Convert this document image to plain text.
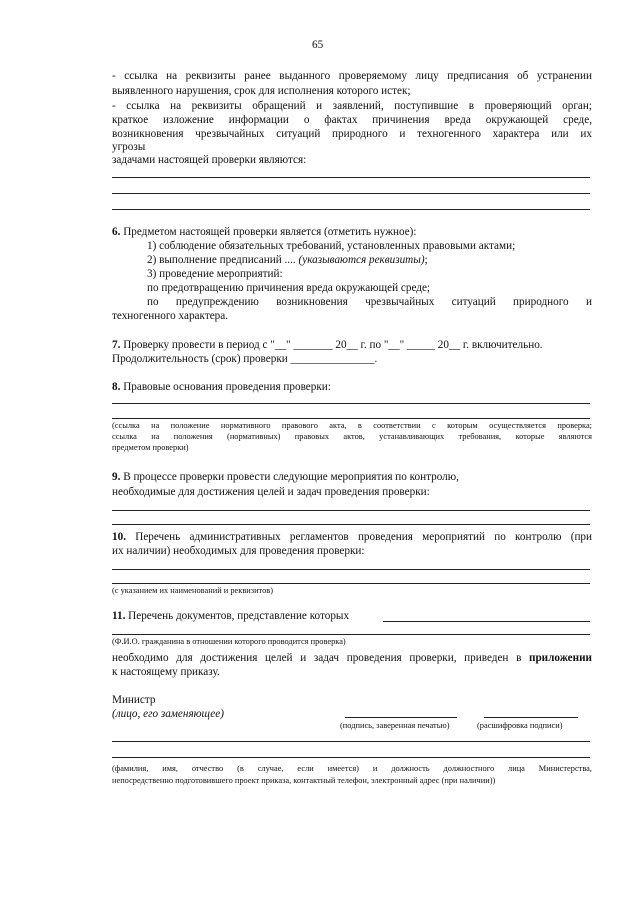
65
- ссылка на реквизиты ранее выданного проверяемому лицу предписания об устранении
выявленного нарушения, срок для исполнения которого истек;
- ссылка на реквизиты обращений и заявлений, поступившие в проверяющий орган;
краткое изложение информации о фактах причинения вреда окружающей среде,
возникновения чрезвычайных ситуаций природного и техногенного характера или их
угрозы
задачами настоящей проверки являются:
6. Предметом настоящей проверки является (отметить нужное):
1) соблюдение обязательных требований, установленных правовыми актами;
2) выполнение предписаний .... (указываются реквизиты);
3) проведение мероприятий:
по предотвращению причинения вреда окружающей среде;
по предупреждению возникновения чрезвычайных ситуаций природного и
техногенного характера.
7. Проверку провести в период с "__" _______ 20__ г. по "__" _____ 20__ г. включительно.
Продолжительность (срок) проверки _______________.
8. Правовые основания проведения проверки:
(ссылка на положение нормативного правового акта, в соответствии с которым осуществляется проверка;
ссылка на положения (нормативных) правовых актов, устанавливающих требования, которые являются
предметом проверки)
9. В процессе проверки провести следующие мероприятия по контролю,
необходимые для достижения целей и задач проведения проверки:
10. Перечень административных регламентов проведения мероприятий по контролю (при
их наличии) необходимых для проведения проверки:
(с указанием их наименований и реквизитов)
11. Перечень документов, представление которых
(Ф.И.О. гражданина в отношении которого проводится проверка)
необходимо для достижения целей и задач проведения проверки, приведен в приложении
к настоящему приказу.
Министр
(лицо, его заменяющее)
(подпись, заверенная печатью)	(расшифровка подписи)
(фамилия, имя, отчество (в случае, если имеется) и должность должностного лица Министерства,
непосредственно подготовившего проект приказа, контактный телефон, электронный адрес (при наличии))
